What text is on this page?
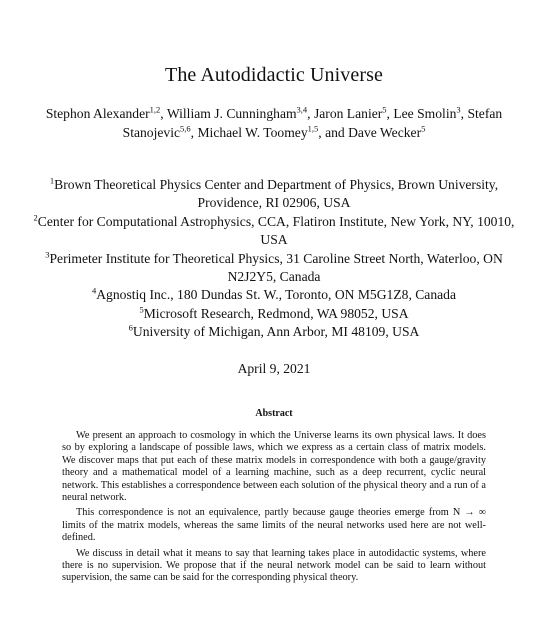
The Autodidactic Universe
Stephon Alexander$^{1,2}$, William J. Cunningham$^{3,4}$, Jaron Lanier$^5$, Lee Smolin$^3$, Stefan Stanojevic$^{5,6}$, Michael W. Toomey$^{1,5}$, and Dave Wecker$^5$
$^1$Brown Theoretical Physics Center and Department of Physics, Brown University, Providence, RI 02906, USA
$^2$Center for Computational Astrophysics, CCA, Flatiron Institute, New York, NY, 10010, USA
$^3$Perimeter Institute for Theoretical Physics, 31 Caroline Street North, Waterloo, ON N2J2Y5, Canada
$^4$Agnostiq Inc., 180 Dundas St. W., Toronto, ON M5G1Z8, Canada
$^5$Microsoft Research, Redmond, WA 98052, USA
$^6$University of Michigan, Ann Arbor, MI 48109, USA
April 9, 2021
Abstract

We present an approach to cosmology in which the Universe learns its own physical laws. It does so by exploring a landscape of possible laws, which we express as a certain class of matrix models. We discover maps that put each of these matrix models in correspondence with both a gauge/gravity theory and a mathematical model of a learning machine, such as a deep recurrent, cyclic neural network. This establishes a correspondence between each solution of the physical theory and a run of a neural network.

This correspondence is not an equivalence, partly because gauge theories emerge from N → ∞ limits of the matrix models, whereas the same limits of the neural networks used here are not well-defined.

We discuss in detail what it means to say that learning takes place in autodidactic systems, where there is no supervision. We propose that if the neural network model can be said to learn without supervision, the same can be said for the corresponding physical theory.
